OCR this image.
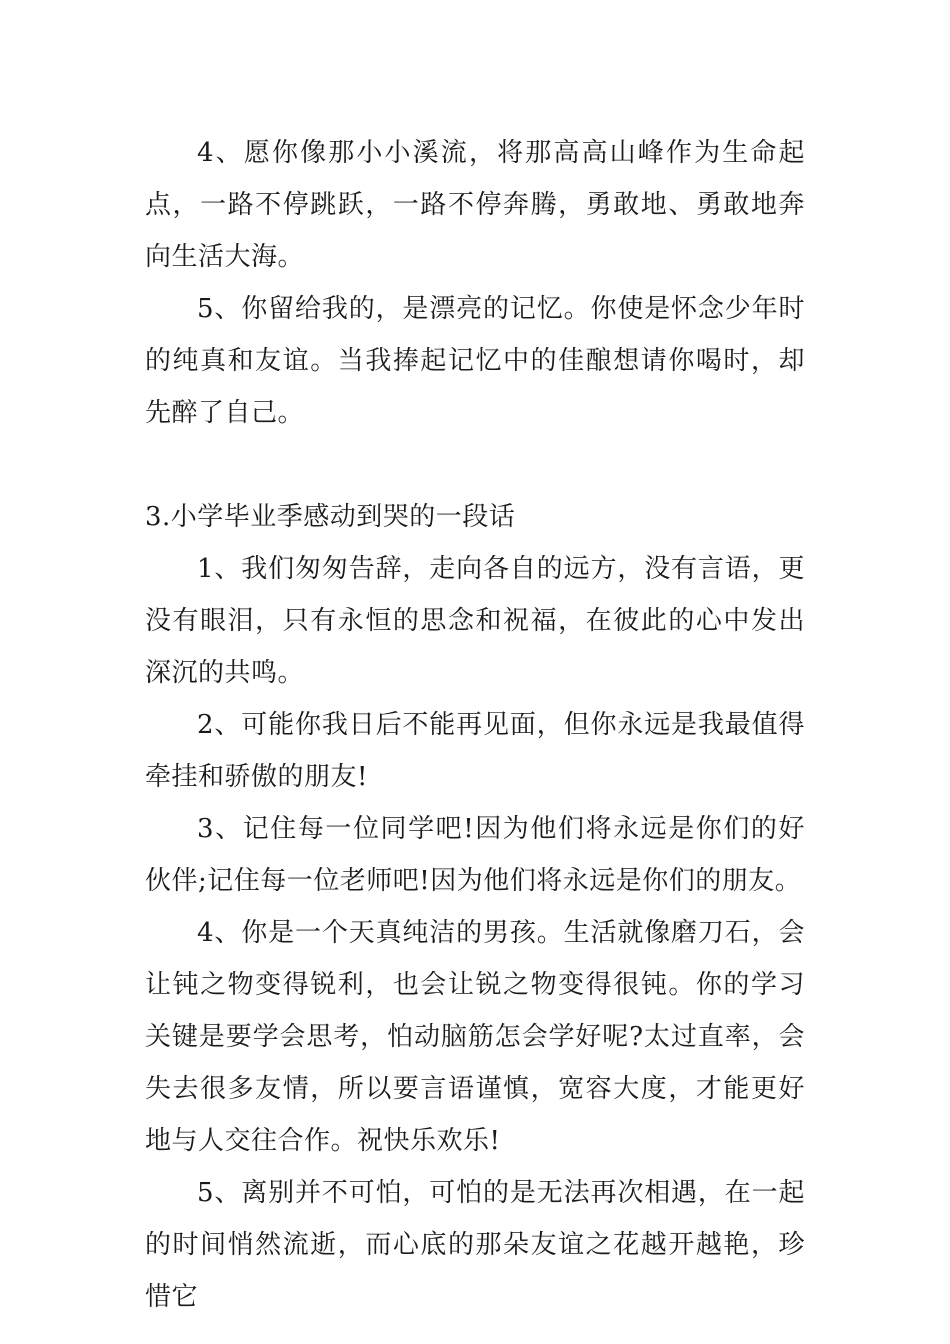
4、愿你像那小小溪流，将那高高山峰作为生命起点，一路不停跳跃，一路不停奔腾，勇敢地、勇敢地奔向生活大海。

5、你留给我的，是漂亮的记忆。你使是怀念少年时的纯真和友谊。当我捧起记忆中的佳酿想请你喝时，却先醉了自己。

3.小学毕业季感动到哭的一段话

1、我们匆匆告辞，走向各自的远方，没有言语，更没有眼泪，只有永恒的思念和祝福，在彼此的心中发出深沉的共鸣。

2、可能你我日后不能再见面，但你永远是我最值得牵挂和骄傲的朋友!

3、记住每一位同学吧!因为他们将永远是你们的好伙伴;记住每一位老师吧!因为他们将永远是你们的朋友。

4、你是一个天真纯洁的男孩。生活就像磨刀石，会让钝之物变得锐利，也会让锐之物变得很钝。你的学习关键是要学会思考，怕动脑筋怎会学好呢?太过直率，会失去很多友情，所以要言语谨慎，宽容大度，才能更好地与人交往合作。祝快乐欢乐!

5、离别并不可怕，可怕的是无法再次相遇，在一起的时间悄然流逝，而心底的那朵友谊之花越开越艳，珍惜它
